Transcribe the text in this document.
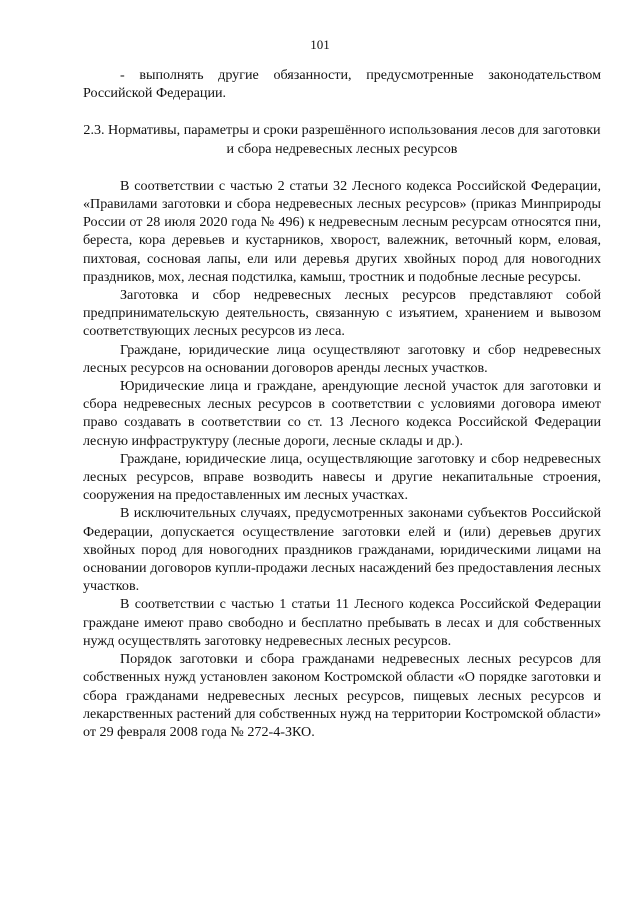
101

- выполнять другие обязанности, предусмотренные законодательством Российской Федерации.

2.3. Нормативы, параметры и сроки разрешённого использования лесов для заготовки и сбора недревесных лесных ресурсов

В соответствии с частью 2 статьи 32 Лесного кодекса Российской Федерации, «Правилами заготовки и сбора недревесных лесных ресурсов» (приказ Минприроды России от 28 июля 2020 года № 496) к недревесным лесным ресурсам относятся пни, береста, кора деревьев и кустарников, хворост, валежник, веточный корм, еловая, пихтовая, сосновая лапы, ели или деревья других хвойных пород для новогодних праздников, мох, лесная подстилка, камыш, тростник и подобные лесные ресурсы.

Заготовка и сбор недревесных лесных ресурсов представляют собой предпринимательскую деятельность, связанную с изъятием, хранением и вывозом соответствующих лесных ресурсов из леса.

Граждане, юридические лица осуществляют заготовку и сбор недревесных лесных ресурсов на основании договоров аренды лесных участков.

Юридические лица и граждане, арендующие лесной участок для заготовки и сбора недревесных лесных ресурсов в соответствии с условиями договора имеют право создавать в соответствии со ст. 13 Лесного кодекса Российской Федерации лесную инфраструктуру (лесные дороги, лесные склады и др.).

Граждане, юридические лица, осуществляющие заготовку и сбор недревесных лесных ресурсов, вправе возводить навесы и другие некапитальные строения, сооружения на предоставленных им лесных участках.

В исключительных случаях, предусмотренных законами субъектов Российской Федерации, допускается осуществление заготовки елей и (или) деревьев других хвойных пород для новогодних праздников гражданами, юридическими лицами на основании договоров купли-продажи лесных насаждений без предоставления лесных участков.

В соответствии с частью 1 статьи 11 Лесного кодекса Российской Федерации граждане имеют право свободно и бесплатно пребывать в лесах и для собственных нужд осуществлять заготовку недревесных лесных ресурсов.

Порядок заготовки и сбора гражданами недревесных лесных ресурсов для собственных нужд установлен законом Костромской области «О порядке заготовки и сбора гражданами недревесных лесных ресурсов, пищевых лесных ресурсов и лекарственных растений для собственных нужд на территории Костромской области» от 29 февраля 2008 года № 272-4-ЗКО.
